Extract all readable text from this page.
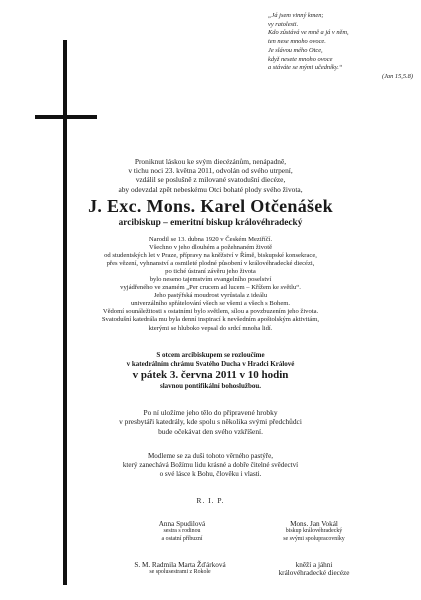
„Já jsem vinný kmen;
vy ratolesti.
Kdo zůstává ve mně a já v něm,
ten nese mnoho ovoce.
Je slávou mého Otce,
když nesete mnoho ovoce
a stáváte se mými učedníky.“
(Jan 15,5.8)
Proniknut láskou ke svým diecézánům, nenápadně,
v tichu noci 23. května 2011, odvolán od svého utrpení,
vzdálil se poslušně z milované svatodušní diecéze,
aby odevzdal zpět nebeskému Otci bohaté plody svého života,
J. Exc. Mons. Karel Otčenášek
arcibiskup – emeritní biskup královéhradecký
Narodil se 13. dubna 1920 v Českém Meziříčí.
Všechno v jeho dlouhém a požehnaném životě
od studentských let v Praze, přípravy na kněžství v Římě, biskupské konsekrace,
přes vězení, vyhnanství a osmileté plodné působení v královéhradecké diecézi,
po tiché ústraní závěru jeho života
bylo neseno tajemstvím evangelního poselství
vyjádřeného ve znamém „Per crucem ad lucem – Křížem ke světlu“.
Jeho pastýřská moudrost vyrůstala z ideálu
univerzálního spřátelování všech se všemi a všech s Bohem.
Vědomí sounáležitosti s ostatními bylo světlem, sílou a povzbuzením jeho života.
Svatodušní katedrála mu byla denní inspirací k nevšedním apoštolským aktivitám,
kterými se hluboko vepsal do srdcí mnoha lidí.
S otcem arcibiskupem se rozloučíme
v katedrálním chrámu Svatého Ducha v Hradci Králové
v pátek 3. června 2011 v 10 hodin
slavnou pontifikální bohoslužbou.
Po ní uložíme jeho tělo do připravené hrobky
v presbytáři katedrály, kde spolu s několika svými předchůdci
bude očekávat den svého vzkříšení.
Modleme se za duši tohoto věrného pastýře,
který zanechává Božímu lidu krásné a dobře čitelné svědectví
o své lásce k Bohu, člověku i vlasti.
R. I. P.
Anna Spudilová
sestra s rodinou
a ostatní příbuzní
Mons. Jan Vokál
biskup královéhradecký
se svými spolupracovníky
S. M. Radmila Marta Žďárková
se spolusestrami z Rokole
kněží a jáhni
královéhradecké diecéze
